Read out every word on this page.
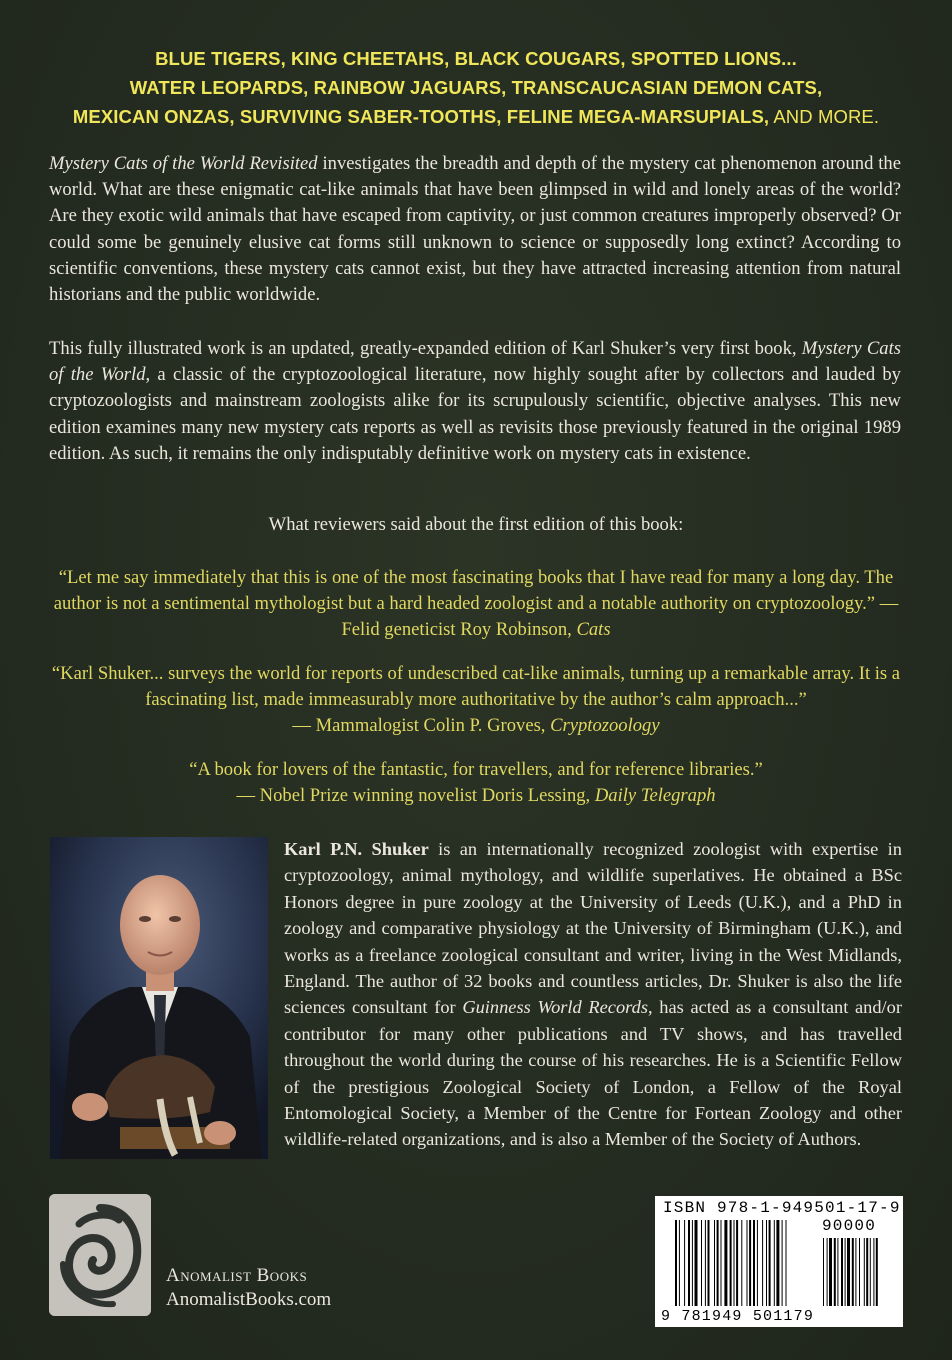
BLUE TIGERS, KING CHEETAHS, BLACK COUGARS, SPOTTED LIONS...
WATER LEOPARDS, RAINBOW JAGUARS, TRANSCAUCASIAN DEMON CATS,
MEXICAN ONZAS, SURVIVING SABER-TOOTHS, FELINE MEGA-MARSUPIALS, AND MORE.
Mystery Cats of the World Revisited investigates the breadth and depth of the mystery cat phenomenon around the world. What are these enigmatic cat-like animals that have been glimpsed in wild and lonely areas of the world? Are they exotic wild animals that have escaped from captivity, or just common creatures improperly observed? Or could some be genuinely elusive cat forms still unknown to science or supposedly long extinct? According to scientific conventions, these mystery cats cannot exist, but they have attracted increasing attention from natural historians and the public worldwide.
This fully illustrated work is an updated, greatly-expanded edition of Karl Shuker’s very first book, Mystery Cats of the World, a classic of the cryptozoological literature, now highly sought after by collectors and lauded by cryptozoologists and mainstream zoologists alike for its scrupulously scientific, objective analyses. This new edition examines many new mystery cats reports as well as revisits those previously featured in the original 1989 edition. As such, it remains the only indisputably definitive work on mystery cats in existence.
What reviewers said about the first edition of this book:
“Let me say immediately that this is one of the most fascinating books that I have read for many a long day. The author is not a sentimental mythologist but a hard headed zoologist and a notable authority on cryptozoology.” — Felid geneticist Roy Robinson, Cats
“Karl Shuker... surveys the world for reports of undescribed cat-like animals, turning up a remarkable array. It is a fascinating list, made immeasurably more authoritative by the author’s calm approach...”
— Mammalogist Colin P. Groves, Cryptozoology
“A book for lovers of the fantastic, for travellers, and for reference libraries.”
— Nobel Prize winning novelist Doris Lessing, Daily Telegraph
Karl P.N. Shuker is an internationally recognized zoologist with expertise in cryptozoology, animal mythology, and wildlife superlatives. He obtained a BSc Honors degree in pure zoology at the University of Leeds (U.K.), and a PhD in zoology and comparative physiology at the University of Birmingham (U.K.), and works as a freelance zoological consultant and writer, living in the West Midlands, England. The author of 32 books and countless articles, Dr. Shuker is also the life sciences consultant for Guinness World Records, has acted as a consultant and/or contributor for many other publications and TV shows, and has travelled throughout the world during the course of his researches. He is a Scientific Fellow of the prestigious Zoological Society of London, a Fellow of the Royal Entomological Society, a Member of the Centre for Fortean Zoology and other wildlife-related organizations, and is also a Member of the Society of Authors.
Anomalist Books
AnomalistBooks.com
ISBN 978-1-949501-17-9
90000
9 781949 501179
